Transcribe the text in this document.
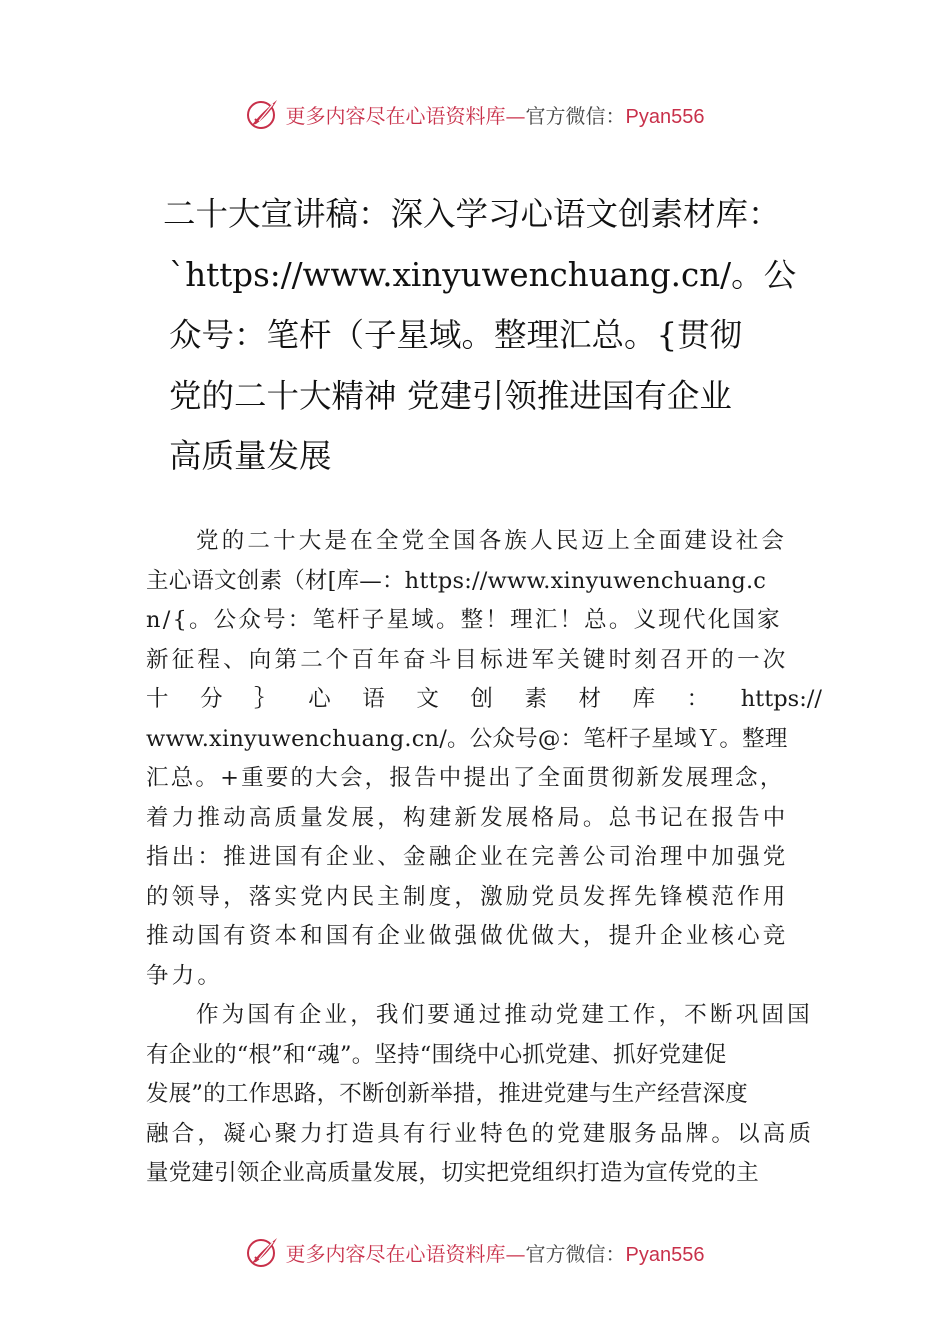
更多内容尽在心语资料库—官方微信：Pyan556
二十大宣讲稿：深入学习心语文创素材库：
`https://www.xinyuwenchuang.cn/。公
众号：笔杆（子星域。整理汇总。{贯彻
党的二十大精神 党建引领推进国有企业
高质量发展
党的二十大是在全党全国各族人民迈上全面建设社会
主心语文创素（材[库—：https://www.xinyuwenchuang.c
n/{。公众号：笔杆子星域。整！理汇！总。义现代化国家
新征程、向第二个百年奋斗目标进军关键时刻召开的一次
十 分 ｝ 心 语 文 创 素 材 库 ： https://
www.xinyuwenchuang.cn/。公众号@：笔杆子星域Ｙ。整理
汇总。+重要的大会，报告中提出了全面贯彻新发展理念，
着力推动高质量发展，构建新发展格局。总书记在报告中
指出：推进国有企业、金融企业在完善公司治理中加强党
的领导，落实党内民主制度，激励党员发挥先锋模范作用
推动国有资本和国有企业做强做优做大，提升企业核心竞
争力。
作为国有企业，我们要通过推动党建工作，不断巩固国
有企业的“根”和“魂”。坚持“围绕中心抓党建、抓好党建促
发展”的工作思路，不断创新举措，推进党建与生产经营深度
融合，凝心聚力打造具有行业特色的党建服务品牌。以高质
量党建引领企业高质量发展，切实把党组织打造为宣传党的主
更多内容尽在心语资料库—官方微信：Pyan556
